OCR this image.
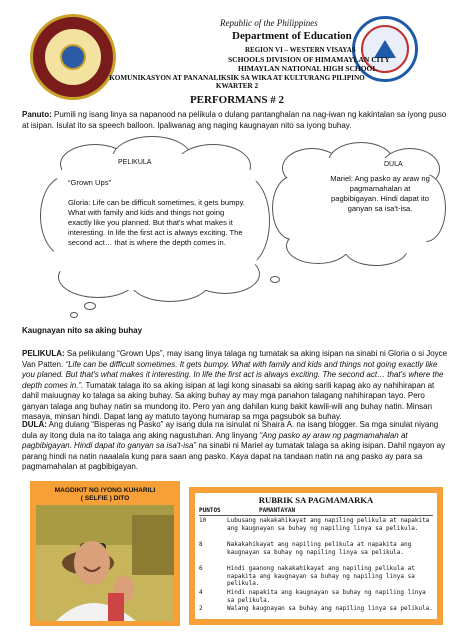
Republic of the Philippines
Department of Education
REGION VI – WESTERN VISAYAS
SCHOOLS DIVISION OF HIMAMAYLAN CITY
HIMAYLAN NATIONAL HIGH SCHOOL
KOMUNIKASYON AT PANANALIKSIK SA WIKA AT KULTURANG PILIPINO
KWARTER 2
PERFORMANS # 2
Panuto: Pumili ng isang linya sa napanood na pelikula o dulang pantanghalan na nag-iwan ng kakintalan sa iyong puso at isipan. Isulat ito sa speech balloon. Ipaliwanag ang naging kaugnayan nito sa iyong buhay.
PELIKULA
“Grown Ups”
Gloria: Life can be difficult sometimes, it gets bumpy. What with family and kids and things not going exactly like you planned. But that's what makes it interesting. In life the first act is always exciting. The second act… that is where the depth comes in.
DULA
Mariel: Ang pasko ay araw ng pagmamahalan at pagbibigayan. Hindi dapat ito ganyan sa isa't-isa.
Kaugnayan nito sa aking buhay
PELIKULA: Sa pelikulang “Grown Ups”, may isang linya talaga ng tumatak sa aking isipan na sinabi ni Gloria o si Joyce Van Patten. “Life can be difficult sometimes. It gets bumpy. What with family and kids and things not going exactly like you planed. But that's what makes it interesting. In life the first act is always exciting. The second act… that's where the depth comes in.”. Tumatak talaga ito sa aking isipan at lagi kong sinasabi sa aking sarili kapag ako ay nahihirapan at dahil maiuugnay ko talaga sa aking buhay. Sa aking buhay ay may mga panahon talagang nahihirapan tayo. Pero ganyan talaga ang buhay natin sa mundong ito. Pero yan ang dahilan kung bakit kawili-wili ang buhay natin. Minsan masaya, minsan hindi. Dapat lang ay matuto tayong humarap sa mga pagsubok sa buhay.
DULA: Ang dulang “Bisperas ng Pasko” ay isang dula na isinulat ni Shaira A. na isang blogger. Sa mga sinulat niyang dula ay itong dula na ito talaga ang aking nagustuhan. Ang linyang “Ang pasko ay araw ng pagmamahalan at pagbibigayan. Hindi dapat ito ganyan sa isa't-isa” na sinabi ni Mariel ay tumatak talaga sa aking isipan. Dahil ngayon ay parang hindi na natin naaalala kung para saan ang pasko. Kaya dapat na tandaan natin na ang pasko ay para sa pagmamahalan at pagbibigayan.
MAGDIKIT NG IYONG KUHARILI
( SELFIE ) DITO	RUBRIK SA PAGMAMARKA
PUNTOS	PAMANTAYAN
10	Lubusang nakakahikayat ang napiling pelikula at napakita ang kaugnayan sa buhay ng napiling linya sa pelikula.
8	Nakakahikayat ang napiling pelikula at napakita ang kaugnayan sa buhay ng napiling linya sa pelikula.
6	Hindi gaanong nakakahikayat ang napiling pelikula at napakita ang kaugnayan sa buhay ng napiling linya sa pelikula.
4	Hindi napakita ang kaugnayan sa buhay ng napiling linya sa pelikula.
2	Walang kaugnayan sa buhay ang napiling linya sa pelikula.
